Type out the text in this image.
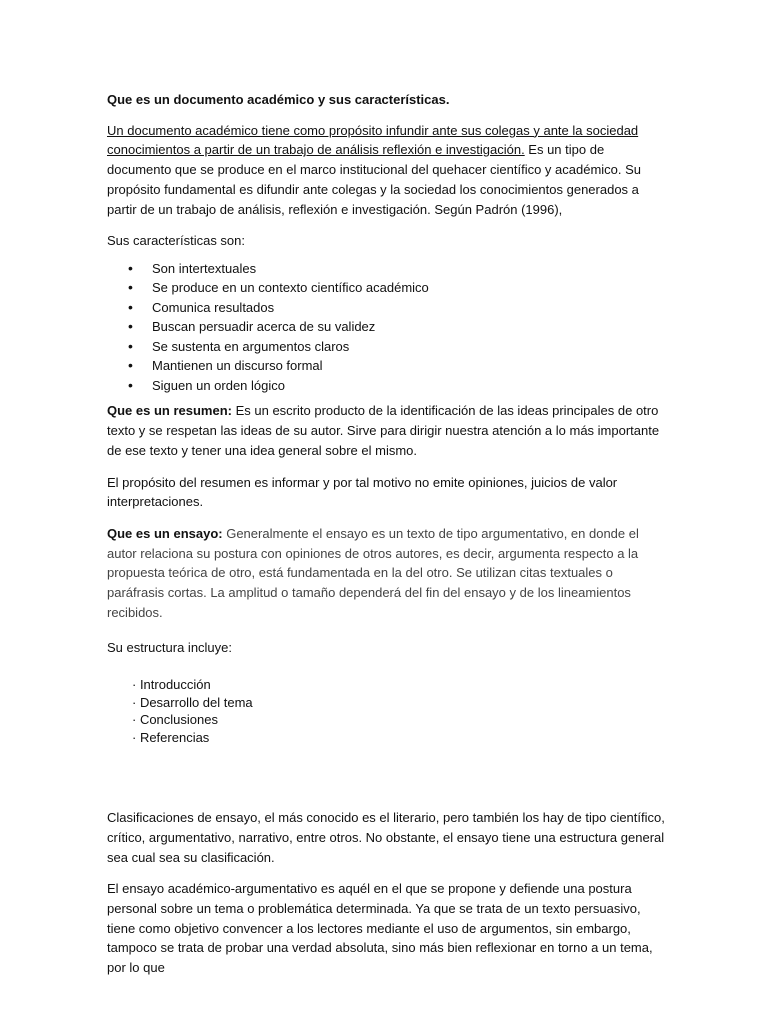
Que es un documento académico y sus características.

Un documento académico tiene como propósito infundir ante sus colegas y ante la sociedad conocimientos a partir de un trabajo de análisis reflexión e investigación. Es un tipo de documento que se produce en el marco institucional del quehacer científico y académico. Su propósito fundamental es difundir ante colegas y la sociedad los conocimientos generados a partir de un trabajo de análisis, reflexión e investigación. Según Padrón (1996),

Sus características son:

• Son intertextuales
• Se produce en un contexto científico académico
• Comunica resultados
• Buscan persuadir acerca de su validez
• Se sustenta en argumentos claros
• Mantienen un discurso formal
• Siguen un orden lógico

Que es un resumen: Es un escrito producto de la identificación de las ideas principales de otro texto y se respetan las ideas de su autor. Sirve para dirigir nuestra atención a lo más importante de ese texto y tener una idea general sobre el mismo.

El propósito del resumen es informar y por tal motivo no emite opiniones, juicios de valor interpretaciones.

Que es un ensayo: Generalmente el ensayo es un texto de tipo argumentativo, en donde el autor relaciona su postura con opiniones de otros autores, es decir, argumenta respecto a la propuesta teórica de otro, está fundamentada en la del otro. Se utilizan citas textuales o paráfrasis cortas. La amplitud o tamaño dependerá del fin del ensayo y de los lineamientos recibidos.

Su estructura incluye:

· Introducción
· Desarrollo del tema
· Conclusiones
· Referencias

Clasificaciones de ensayo, el más conocido es el literario, pero también los hay de tipo científico, crítico, argumentativo, narrativo, entre otros. No obstante, el ensayo tiene una estructura general sea cual sea su clasificación.

El ensayo académico-argumentativo es aquél en el que se propone y defiende una postura personal sobre un tema o problemática determinada. Ya que se trata de un texto persuasivo, tiene como objetivo convencer a los lectores mediante el uso de argumentos, sin embargo, tampoco se trata de probar una verdad absoluta, sino más bien reflexionar en torno a un tema, por lo que
